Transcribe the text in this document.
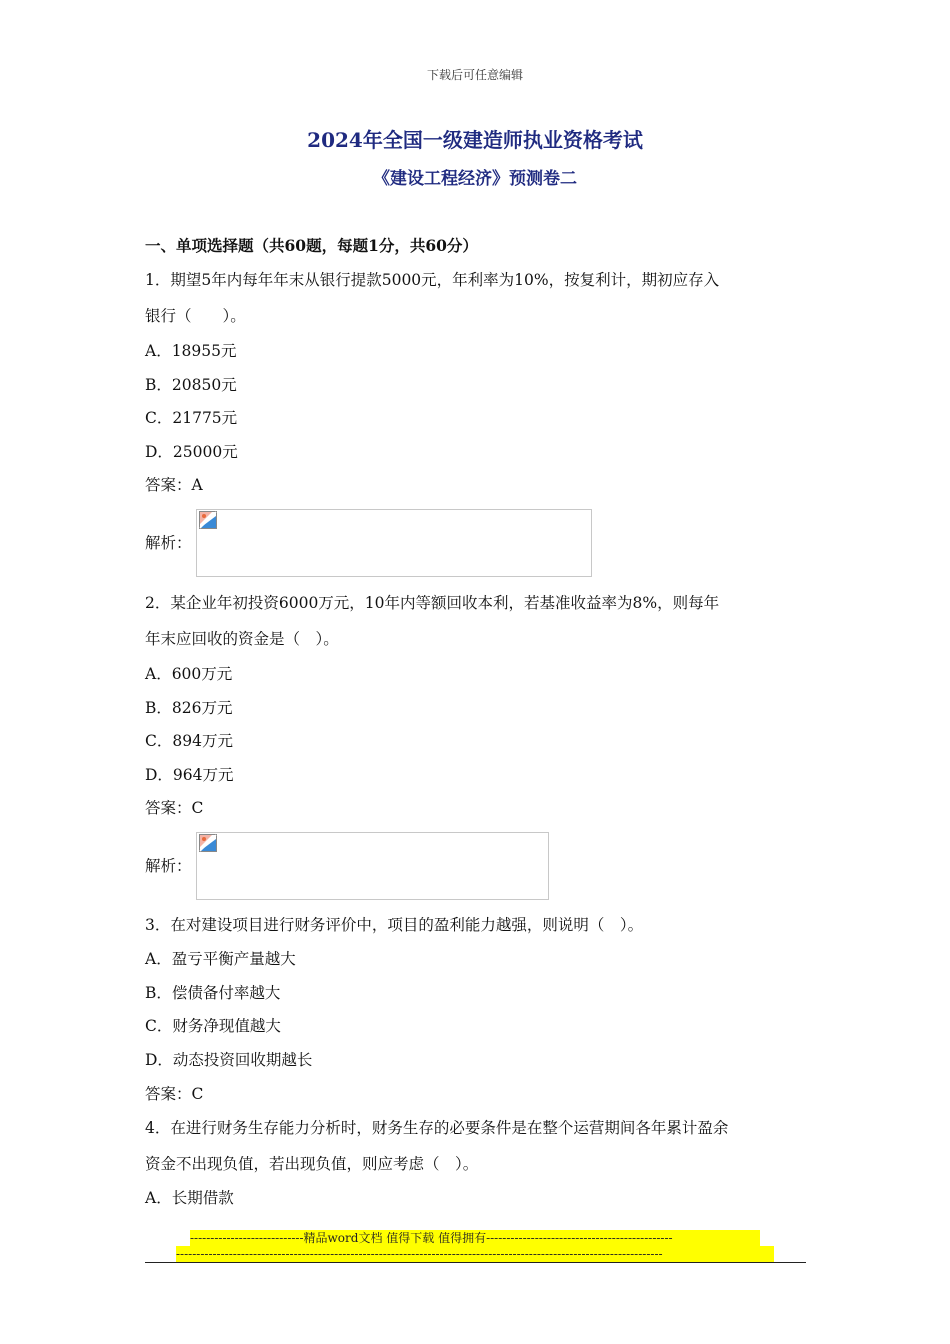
下载后可任意编辑
2024年全国一级建造师执业资格考试
《建设工程经济》预测卷二
一、单项选择题（共60题，每题1分，共60分）
1．期望5年内每年年末从银行提款5000元，年利率为10%，按复利计，期初应存入
银行（　　）。
A．18955元
B．20850元
C．21775元
D．25000元
答案：A
解析：
2．某企业年初投资6000万元，10年内等额回收本利，若基准收益率为8%，则每年
年末应回收的资金是（　）。
A．600万元
B．826万元
C．894万元
D．964万元
答案：C
解析：
3．在对建设项目进行财务评价中，项目的盈利能力越强，则说明（　）。
A．盈亏平衡产量越大
B．偿债备付率越大
C．财务净现值越大
D．动态投资回收期越长
答案：C
4．在进行财务生存能力分析时，财务生存的必要条件是在整个运营期间各年累计盈余
资金不出现负值，若出现负值，则应考虑（　）。
A．长期借款
----------------------------精品word文档 值得下载 值得拥有----------------------------------------------
------------------------------------------------------------------------------------------------------------------------
